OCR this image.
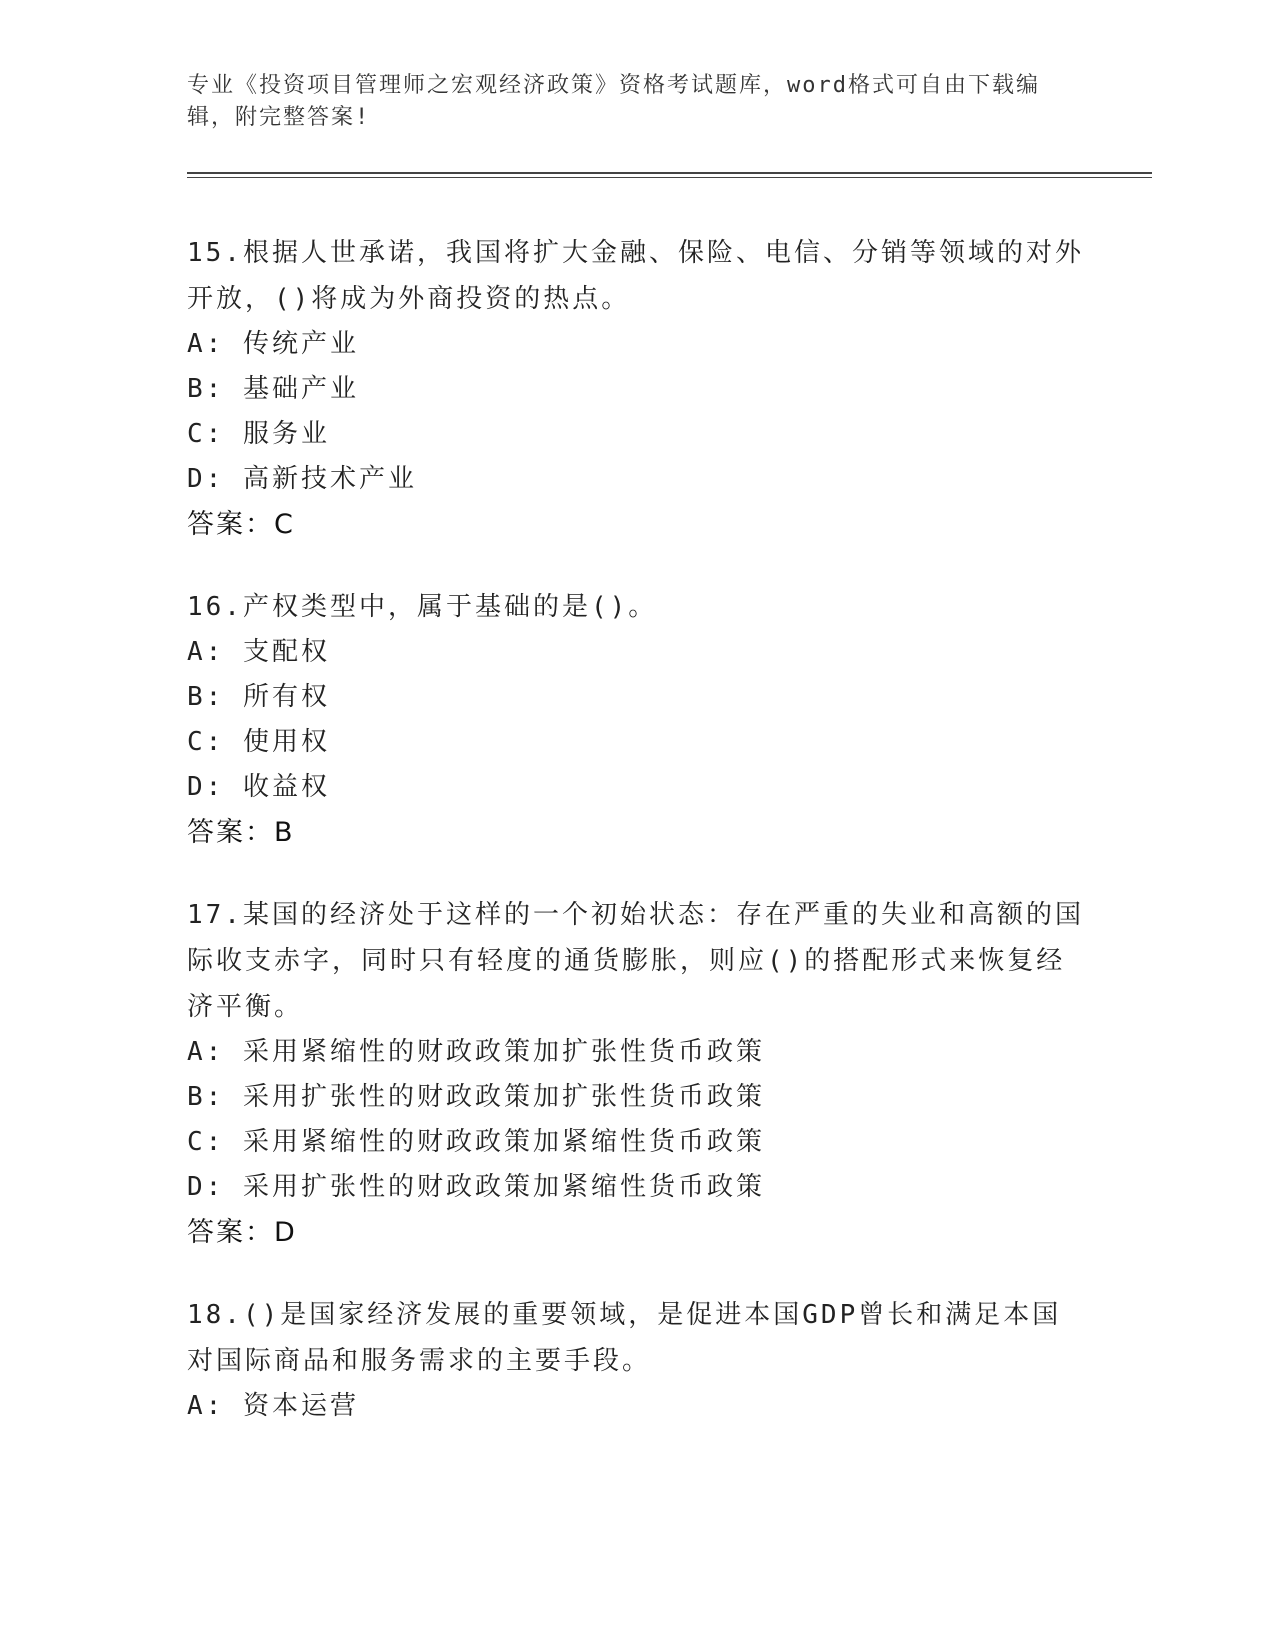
专业《投资项目管理师之宏观经济政策》资格考试题库，word格式可自由下载编辑，附完整答案!
15.根据人世承诺，我国将扩大金融、保险、电信、分销等领域的对外开放，()将成为外商投资的热点。
A: 传统产业
B: 基础产业
C: 服务业
D: 高新技术产业
答案：C
16.产权类型中，属于基础的是()。
A: 支配权
B: 所有权
C: 使用权
D: 收益权
答案：B
17.某国的经济处于这样的一个初始状态：存在严重的失业和高额的国际收支赤字，同时只有轻度的通货膨胀，则应()的搭配形式来恢复经济平衡。
A: 采用紧缩性的财政政策加扩张性货币政策
B: 采用扩张性的财政政策加扩张性货币政策
C: 采用紧缩性的财政政策加紧缩性货币政策
D: 采用扩张性的财政政策加紧缩性货币政策
答案：D
18.()是国家经济发展的重要领域，是促进本国GDP曾长和满足本国对国际商品和服务需求的主要手段。
A: 资本运营
